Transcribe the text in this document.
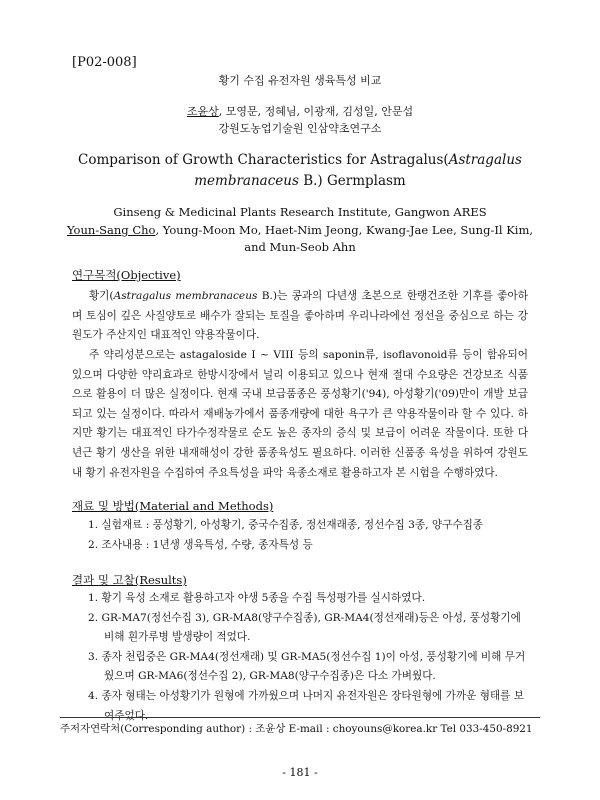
[P02-008]
황기 수집 유전자원 생육특성 비교
조윤상, 모영문, 정혜님, 이광재, 김성일, 안문섭
강원도농업기술원 인삼약초연구소
Comparison of Growth Characteristics for Astragalus(Astragalus
membranaceus B.) Germplasm
Ginseng & Medicinal Plants Research Institute, Gangwon ARES
Youn-Sang Cho, Young-Moon Mo, Haet-Nim Jeong, Kwang-Jae Lee, Sung-Il Kim, and Mun-Seob Ahn
연구목적(Objective)
황기(Astragalus membranaceus B.)는 콩과의 다년생 초본으로 한랭건조한 기후를 좋아하며 토심이 깊은 사질양토로 배수가 잘되는 토질을 좋아하며 우리나라에선 정선을 중심으로 하는 강원도가 주산지인 대표적인 약용작물이다.
주 약리성분으로는 astagaloside I ~ VIII 등의 saponin류, isoflavonoid류 등이 함유되어 있으며 다양한 약리효과로 한방시장에서 널리 이용되고 있으나 현재 절대 수요량은 건강보조 식품으로 활용이 더 많은 실정이다. 현재 국내 보급품종은 풍성황기('94), 아성황기('09)만이 개발 보급되고 있는 실정이다. 따라서 재배농가에서 품종개량에 대한 욕구가 큰 약용작물이라 할 수 있다. 하지만 황기는 대표적인 타가수정작물로 순도 높은 종자의 증식 및 보급이 어려운 작물이다. 또한 다년근 황기 생산을 위한 내재해성이 강한 품종육성도 필요하다. 이러한 신품종 육성을 위하여 강원도내 황기 유전자원을 수집하여 주요특성을 파악 육종소재로 활용하고자 본 시험을 수행하였다.
재료 및 방법(Material and Methods)
1. 실험재료 : 풍성황기, 아성황기, 중국수집종, 정선재래종, 정선수집 3종, 양구수집종
2. 조사내용 : 1년생 생육특성, 수량, 종자특성 등
결과 및 고찰(Results)
1. 황기 육성 소재로 활용하고자 야생 5종을 수집 특성평가를 실시하였다.
2. GR-MA7(정선수집 3), GR-MA8(양구수집종), GR-MA4(정선재래)등은 아성, 풍성황기에 비해 흰가루병 발생량이 적었다.
3. 종자 천립중은 GR-MA4(정선재래) 및 GR-MA5(정선수집 1)이 아성, 풍성황기에 비해 무거웠으며 GR-MA6(정선수집 2), GR-MA8(양구수집종)은 다소 가벼웠다.
4. 종자 형태는 아성황기가 원형에 가까웠으며 나머지 유전자원은 장타원형에 가까운 형태를 보여주었다.
주저자연락처(Corresponding author) : 조윤상 E-mail : choyouns@korea.kr Tel 033-450-8921
- 181 -
